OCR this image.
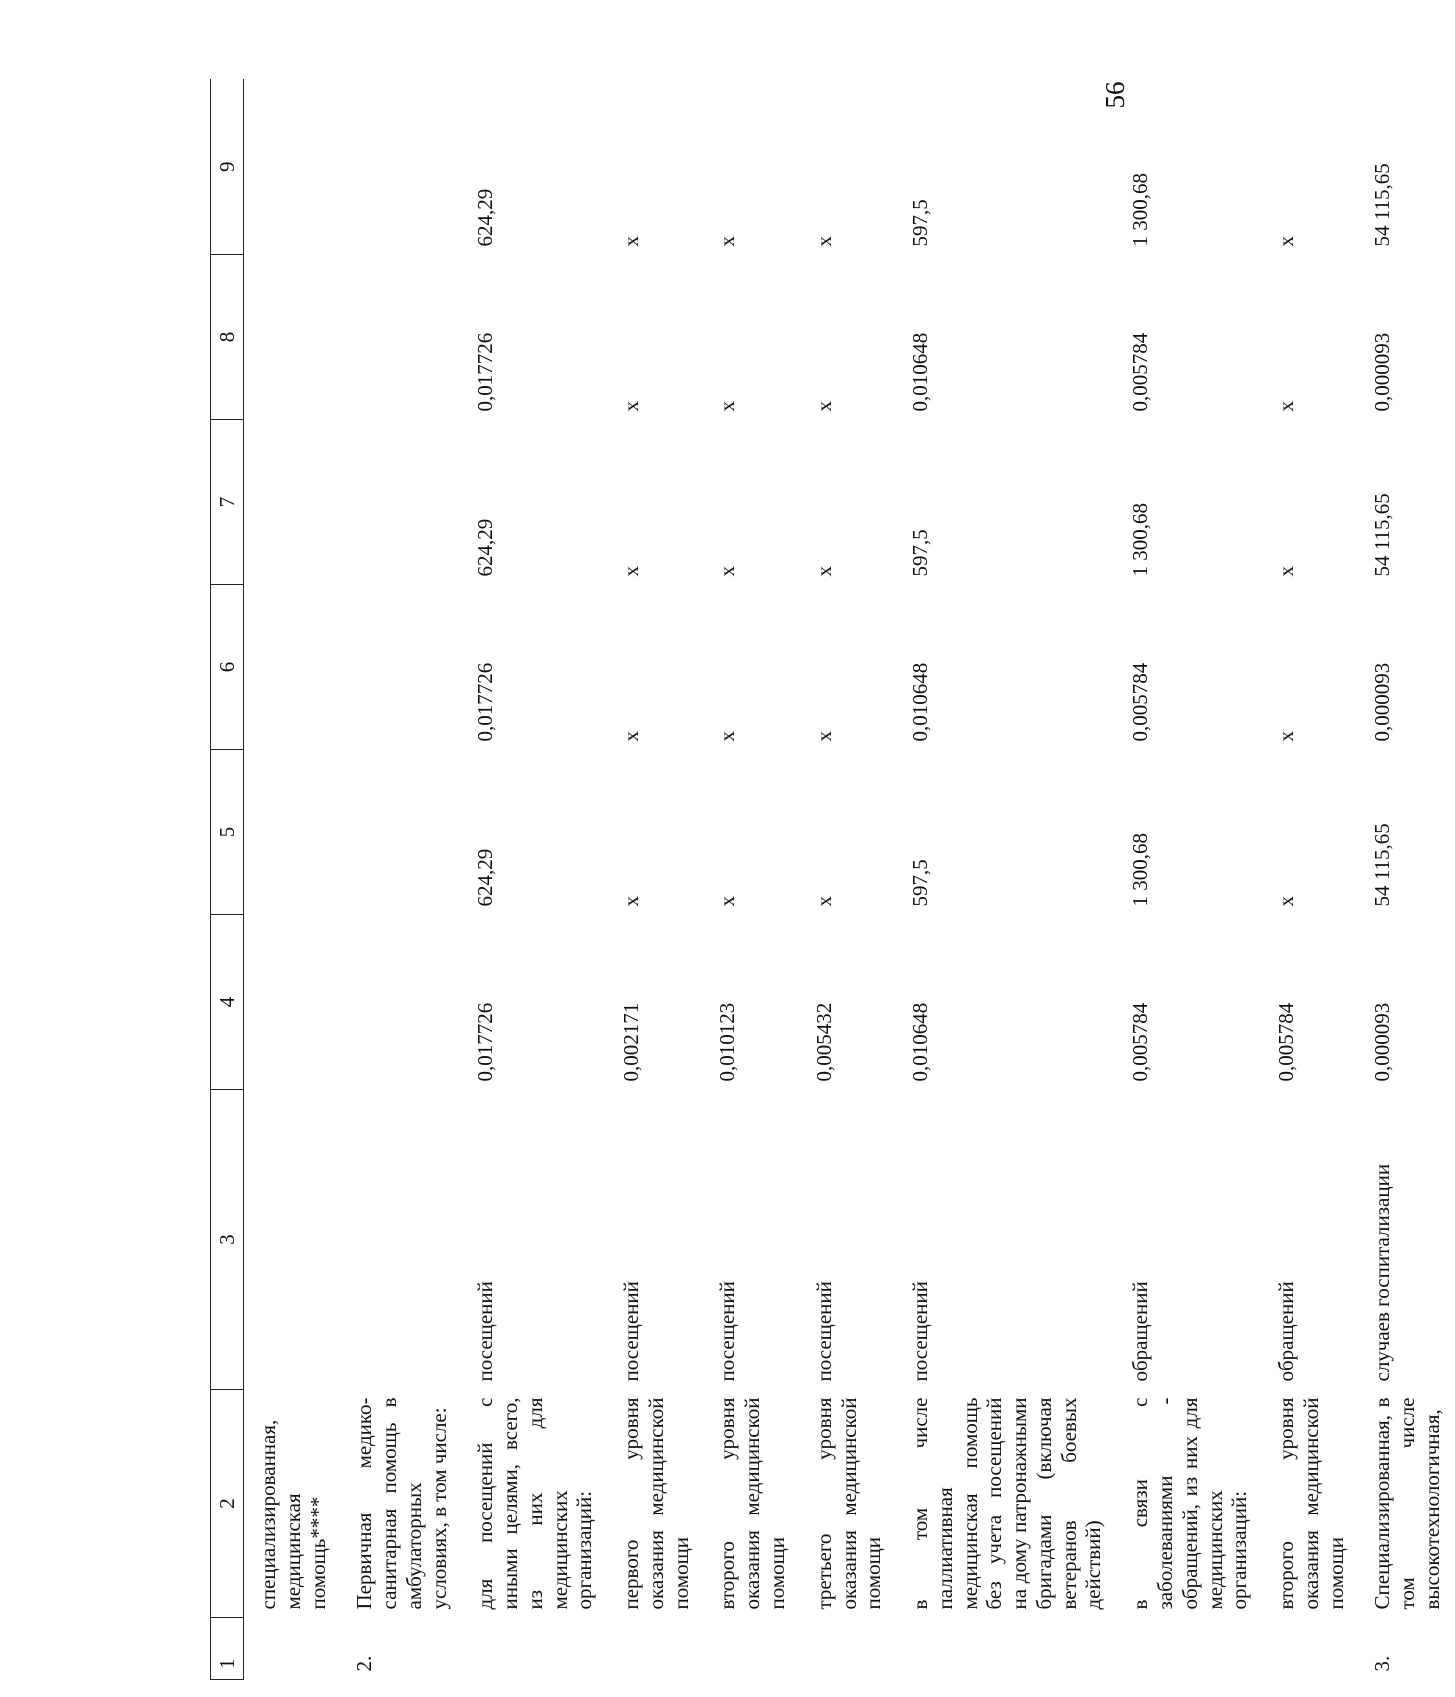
56
1	2	3	4	5	6	7	8	9
	специализированная, медицинская помощь****							
2.	Первичная медико-санитарная помощь в амбулаторных условиях, в том числе:							
	для посещений с иными целями, всего, из них для медицинских организаций:	посещений	0,017726	624,29	0,017726	624,29	0,017726	624,29
	первого уровня оказания медицинской помощи	посещений	0,002171	х	х	х	х	х
	второго уровня оказания медицинской помощи	посещений	0,010123	х	х	х	х	х
	третьего уровня оказания медицинской помощи	посещений	0,005432	х	х	х	х	х
	в том числе паллиативная медицинская помощь без учета посещений на дому патронажными бригадами (включая ветеранов боевых действий)	посещений	0,010648	597,5	0,010648	597,5	0,010648	597,5
	в связи с заболеваниями - обращений, из них для медицинских организаций:	обращений	0,005784	1 300,68	0,005784	1 300,68	0,005784	1 300,68
	второго уровня оказания медицинской помощи	обращений	0,005784	х	х	х	х	х
3.	Специализированная, в том числе высокотехнологичная,	случаев госпитализации	0,000093	54 115,65	0,000093	54 115,65	0,000093	54 115,65
